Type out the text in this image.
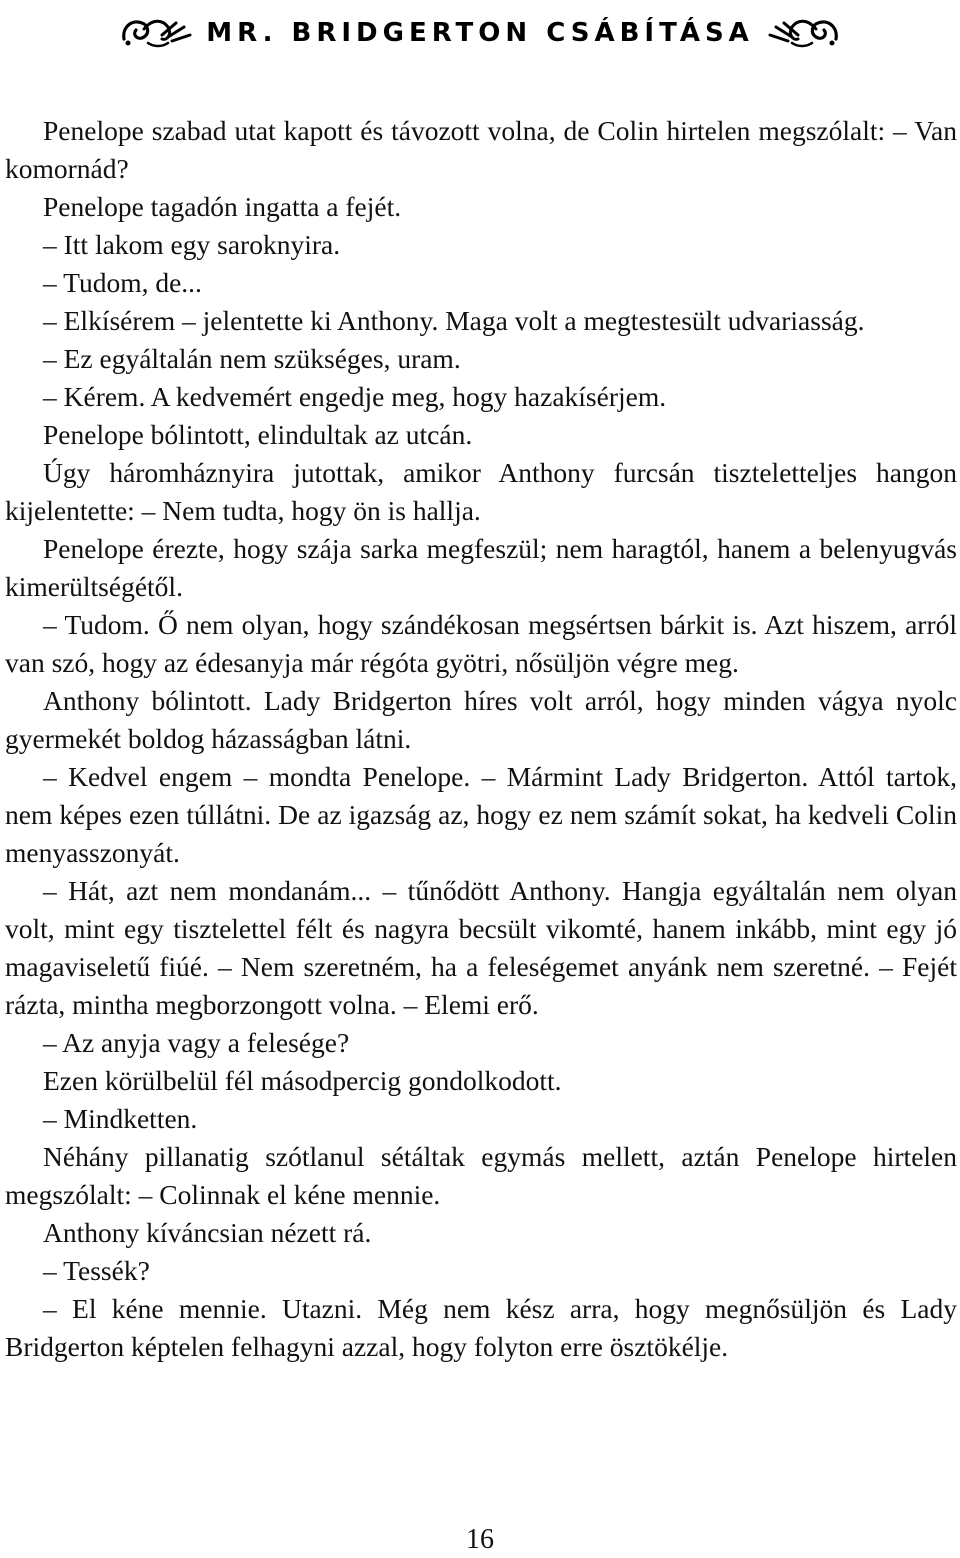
MR. BRIDGERTON CSÁBÍTÁSA

Penelope szabad utat kapott és távozott volna, de Colin hirtelen megszólalt: – Van komornád?

Penelope tagadón ingatta a fejét.

– Itt lakom egy saroknyira.

– Tudom, de...

– Elkísérem – jelentette ki Anthony. Maga volt a megtestesült udvariasság.

– Ez egyáltalán nem szükséges, uram.

– Kérem. A kedvemért engedje meg, hogy hazakísérjem.

Penelope bólintott, elindultak az utcán.

Úgy háromháznyira jutottak, amikor Anthony furcsán tiszteletteljes hangon kijelentette: – Nem tudta, hogy ön is hallja.

Penelope érezte, hogy szája sarka megfeszül; nem haragtól, hanem a belenyugvás kimerültségétől.

– Tudom. Ő nem olyan, hogy szándékosan megsértsen bárkit is. Azt hiszem, arról van szó, hogy az édesanyja már régóta gyötri, nősüljön végre meg.

Anthony bólintott. Lady Bridgerton híres volt arról, hogy minden vágya nyolc gyermekét boldog házasságban látni.

– Kedvel engem – mondta Penelope. – Mármint Lady Bridgerton. Attól tartok, nem képes ezen túllátni. De az igazság az, hogy ez nem számít sokat, ha kedveli Colin menyasszonyát.

– Hát, azt nem mondanám... – tűnődött Anthony. Hangja egyáltalán nem olyan volt, mint egy tisztelettel félt és nagyra becsült vikomté, hanem inkább, mint egy jó magaviseletű fiúé. – Nem szeretném, ha a feleségemet anyánk nem szeretné. – Fejét rázta, mintha megborzongott volna. – Elemi erő.

– Az anyja vagy a felesége?

Ezen körülbelül fél másodpercig gondolkodott.

– Mindketten.

Néhány pillanatig szótlanul sétáltak egymás mellett, aztán Penelope hirtelen megszólalt: – Colinnak el kéne mennie.

Anthony kíváncsian nézett rá.

– Tessék?

– El kéne mennie. Utazni. Még nem kész arra, hogy megnősüljön és Lady Bridgerton képtelen felhagyni azzal, hogy folyton erre ösztökélje.

16
